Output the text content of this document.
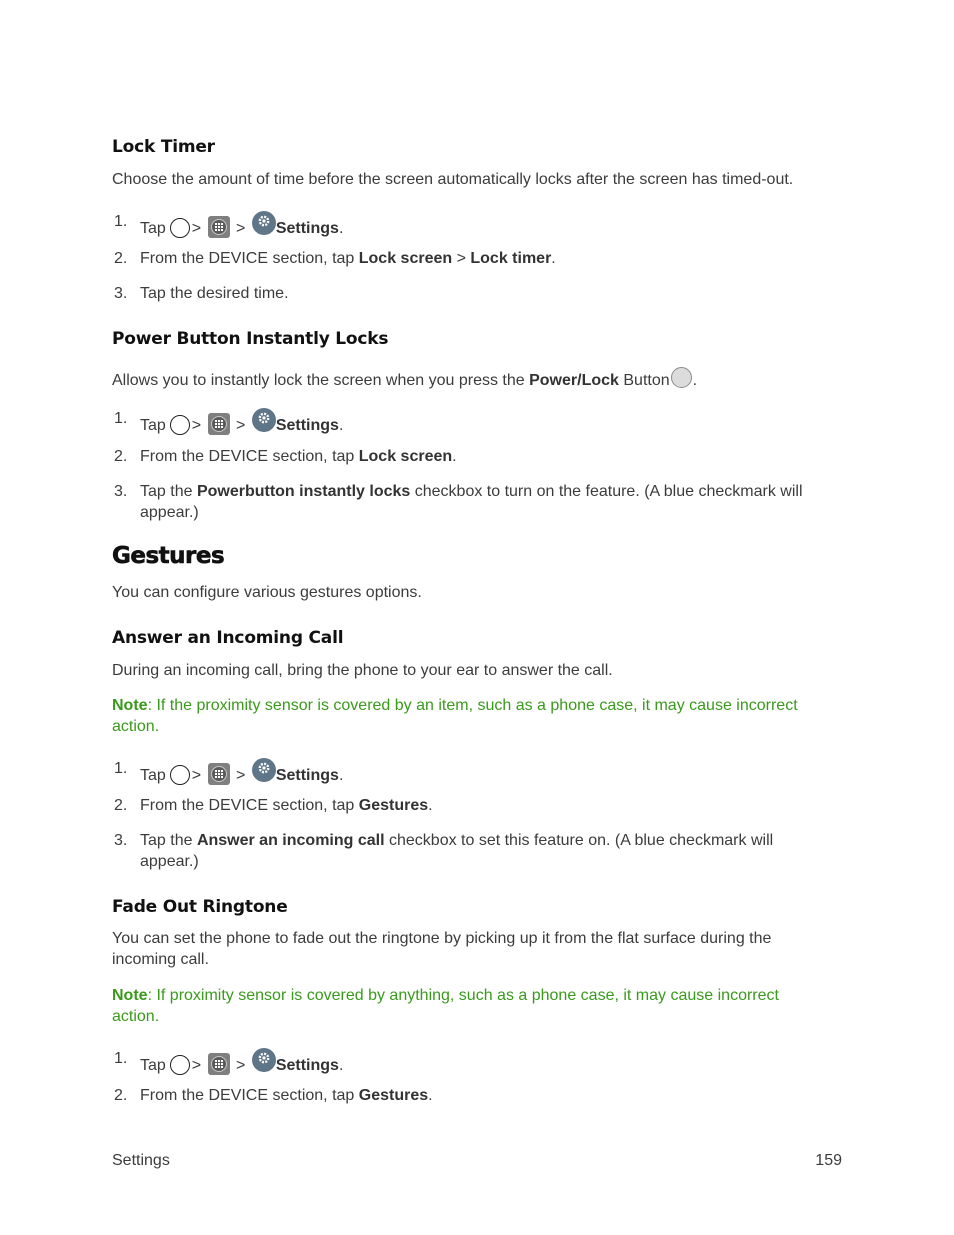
Lock Timer
Choose the amount of time before the screen automatically locks after the screen has timed-out.
1. Tap >
>
Settings.
2. From the DEVICE section, tap Lock screen > Lock timer.
3. Tap the desired time.
Power Button Instantly Locks
Allows you to instantly lock the screen when you press the Power/Lock Button .
1. Tap >
>
Settings.
2. From the DEVICE section, tap Lock screen.
3. Tap the Powerbutton instantly locks checkbox to turn on the feature. (A blue checkmark will appear.)
Gestures
You can configure various gestures options.
Answer an Incoming Call
During an incoming call, bring the phone to your ear to answer the call.
Note: If the proximity sensor is covered by an item, such as a phone case, it may cause incorrect action.
1. Tap >
>
Settings.
2. From the DEVICE section, tap Gestures.
3. Tap the Answer an incoming call checkbox to set this feature on. (A blue checkmark will appear.)
Fade Out Ringtone
You can set the phone to fade out the ringtone by picking up it from the flat surface during the incoming call.
Note: If proximity sensor is covered by anything, such as a phone case, it may cause incorrect action.
1. Tap >
>
Settings.
2. From the DEVICE section, tap Gestures.
Settings	159
